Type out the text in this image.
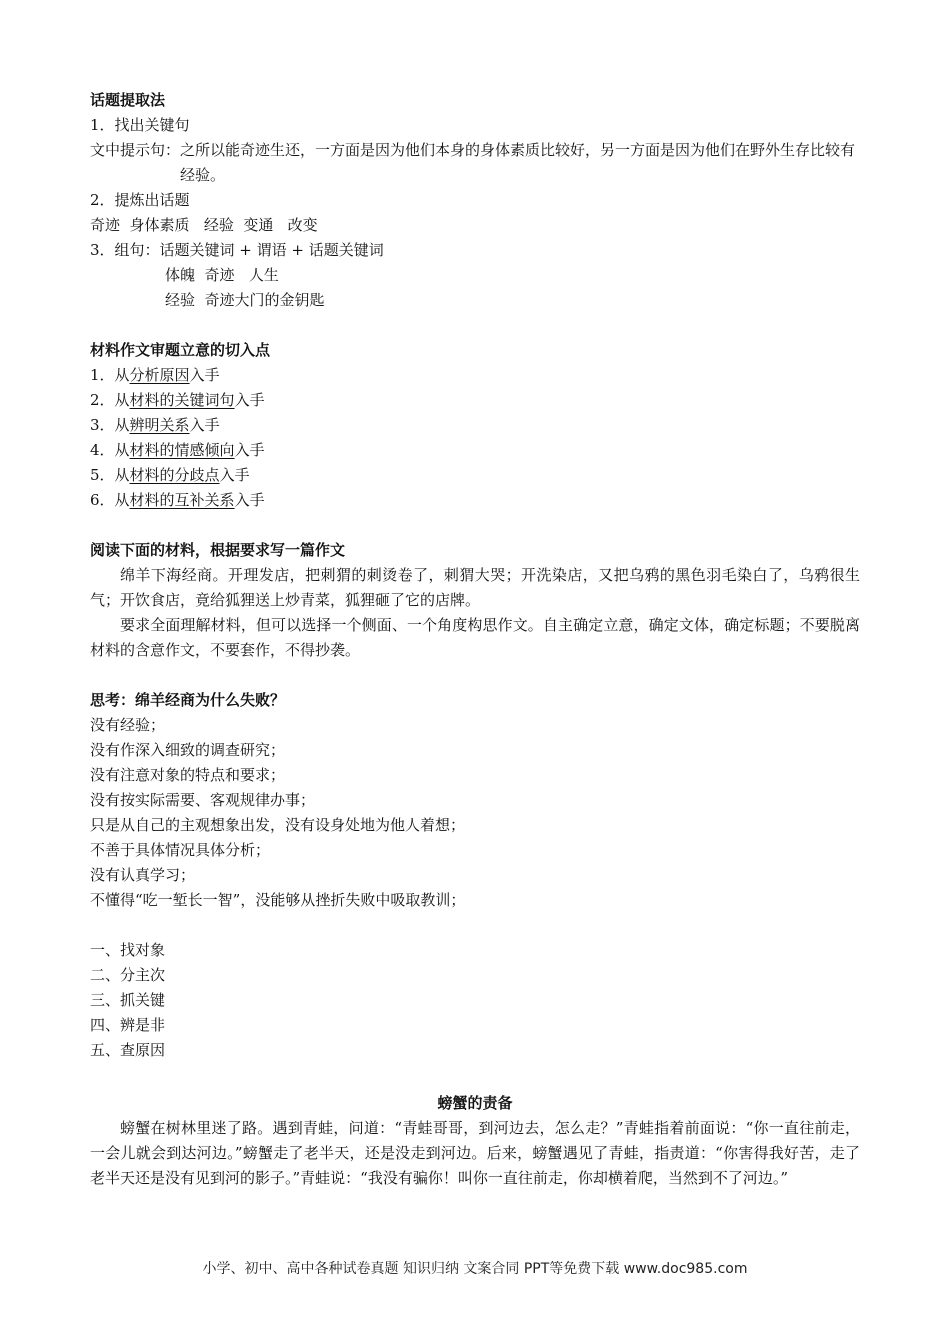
话题提取法
1．找出关键句
文中提示句： 之所以能奇迹生还，一方面是因为他们本身的身体素质比较好，另一方面是因为他们在野外生存比较有经验。
2．提炼出话题
奇迹  身体素质   经验  变通   改变
3．组句：话题关键词 + 谓语 + 话题关键词
体魄  奇迹   人生
经验  奇迹大门的金钥匙
材料作文审题立意的切入点
1．从分析原因入手
2．从材料的关键词句入手
3．从辨明关系入手
4．从材料的情感倾向入手
5．从材料的分歧点入手
6．从材料的互补关系入手
阅读下面的材料，根据要求写一篇作文
绵羊下海经商。开理发店，把刺猬的刺烫卷了，刺猬大哭；开洗染店，又把乌鸦的黑色羽毛染白了，乌鸦很生气；开饮食店，竟给狐狸送上炒青菜，狐狸砸了它的店牌。
要求全面理解材料，但可以选择一个侧面、一个角度构思作文。自主确定立意，确定文体，确定标题；不要脱离材料的含意作文，不要套作，不得抄袭。
思考：绵羊经商为什么失败？
没有经验；
没有作深入细致的调查研究；
没有注意对象的特点和要求；
没有按实际需要、客观规律办事；
只是从自己的主观想象出发，没有设身处地为他人着想；
不善于具体情况具体分析；
没有认真学习；
不懂得“吃一堑长一智”，没能够从挫折失败中吸取教训；
一、找对象
二、分主次
三、抓关键
四、辨是非
五、查原因
螃蟹的责备
螃蟹在树林里迷了路。遇到青蛙，问道：“青蛙哥哥，到河边去，怎么走？”青蛙指着前面说：“你一直往前走，一会儿就会到达河边。”螃蟹走了老半天，还是没走到河边。后来，螃蟹遇见了青蛙，指责道：“你害得我好苦，走了老半天还是没有见到河的影子。”青蛙说：“我没有骗你！叫你一直往前走，你却横着爬，当然到不了河边。”
小学、初中、高中各种试卷真题 知识归纳 文案合同 PPT等免费下载 www.doc985.com
